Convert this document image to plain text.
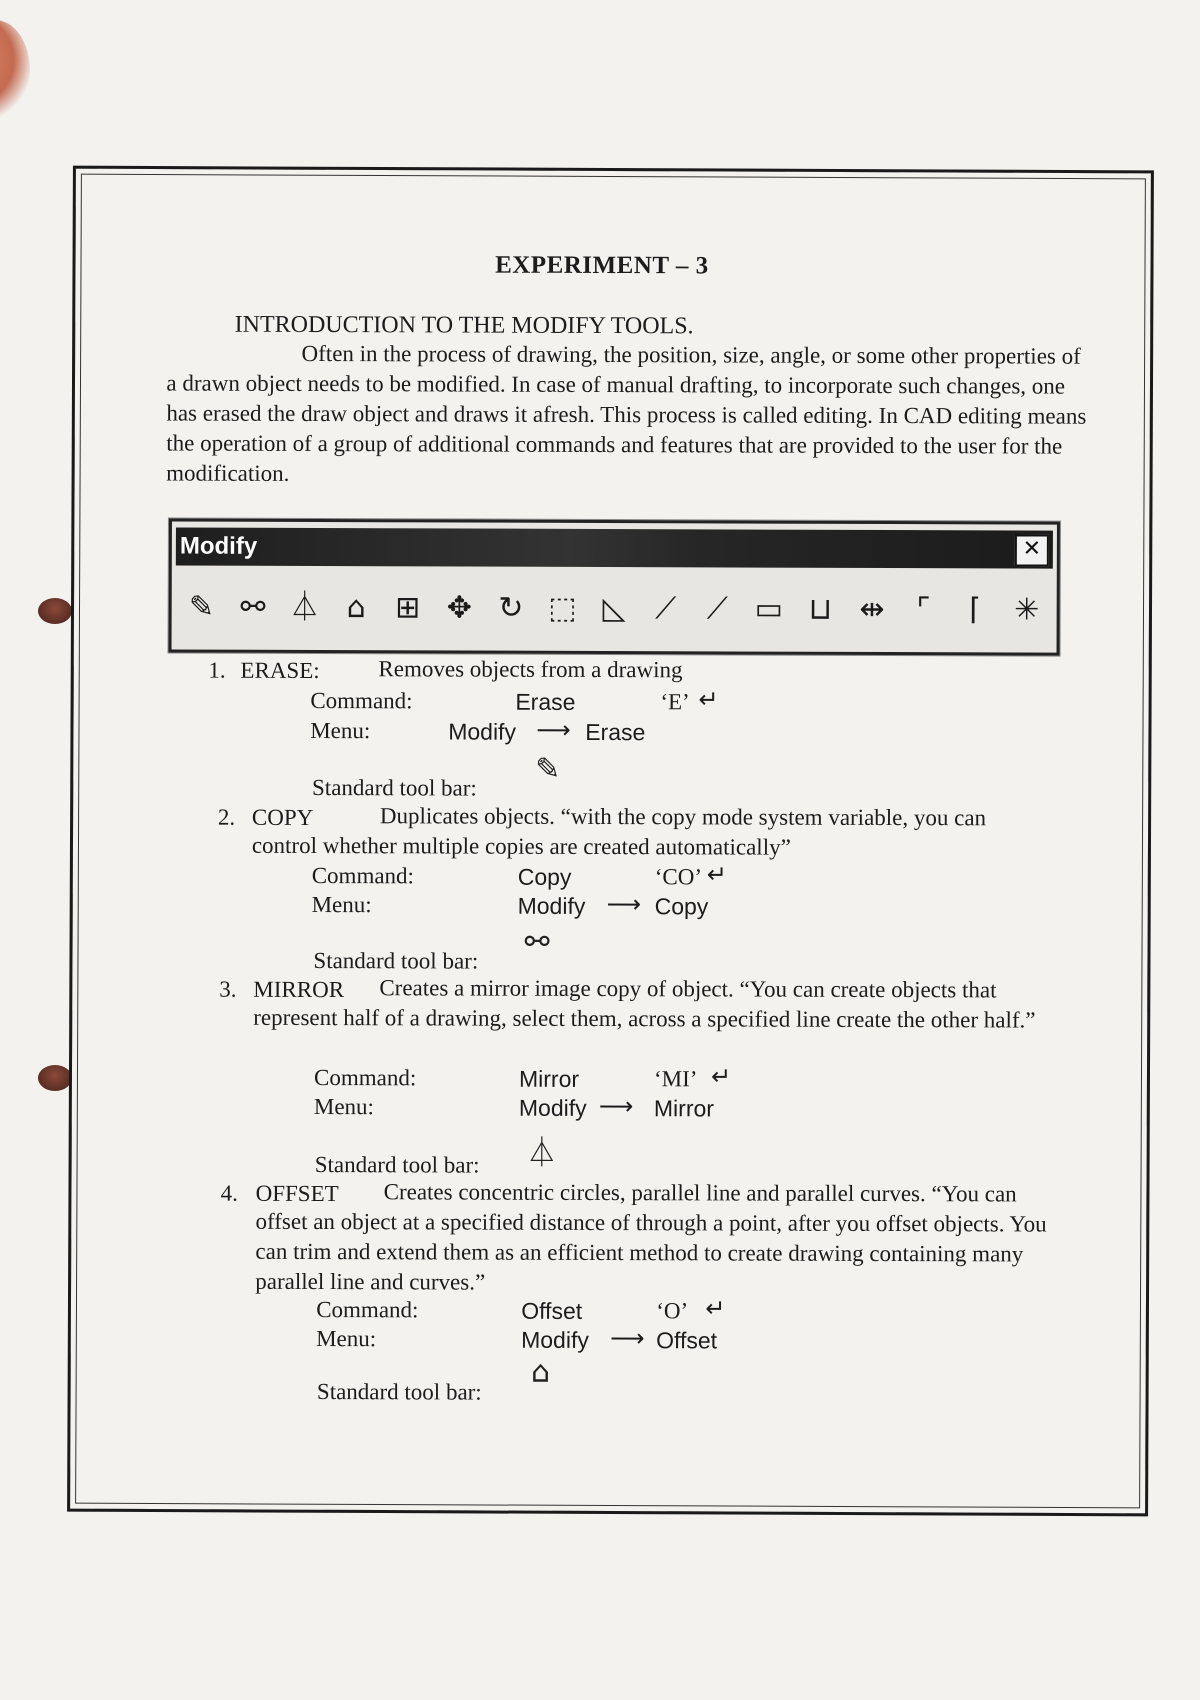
EXPERIMENT – 3
INTRODUCTION TO THE MODIFY TOOLS.
Often in the process of drawing, the position, size, angle, or some other properties of a drawn object needs to be modified. In case of manual drafting, to incorporate such changes, one has erased the draw object and draws it afresh. This process is called editing. In CAD editing means the operation of a group of additional commands and features that are provided to the user for the modification.
Modify	✕
✎ ⚯ ⏃ ⌂ ⊞ ✥ ↻ ⬚ ◺ ⟋ ⟋ ▭ ⊔ ⇹	⌜	⌈	✳
1. ERASE:	Removes objects from a drawing
Command:	Erase	‘E’ ↵
Menu:	Modify ⟶ Erase
Standard tool bar:
✎
2. COPY	Duplicates objects. “with the copy mode system variable, you can control whether multiple copies are created automatically”
Command:	Copy	‘CO’ ↵
Menu:	Modify ⟶ Copy
Standard tool bar:
⚯
3. MIRROR	Creates a mirror image copy of object. “You can create objects that represent half of a drawing, select them, across a specified line create the other half.”
Command:	Mirror	‘MI’ ↵
Menu:	Modify ⟶ Mirror
Standard tool bar: ⏃
4. OFFSET	Creates concentric circles, parallel line and parallel curves. “You can offset an object at a specified distance of through a point, after you offset objects. You can trim and extend them as an efficient method to create drawing containing many parallel line and curves.”
Command:	Offset	‘O’ ↵
Menu:	Modify ⟶ Offset
Standard tool bar:
⌂
